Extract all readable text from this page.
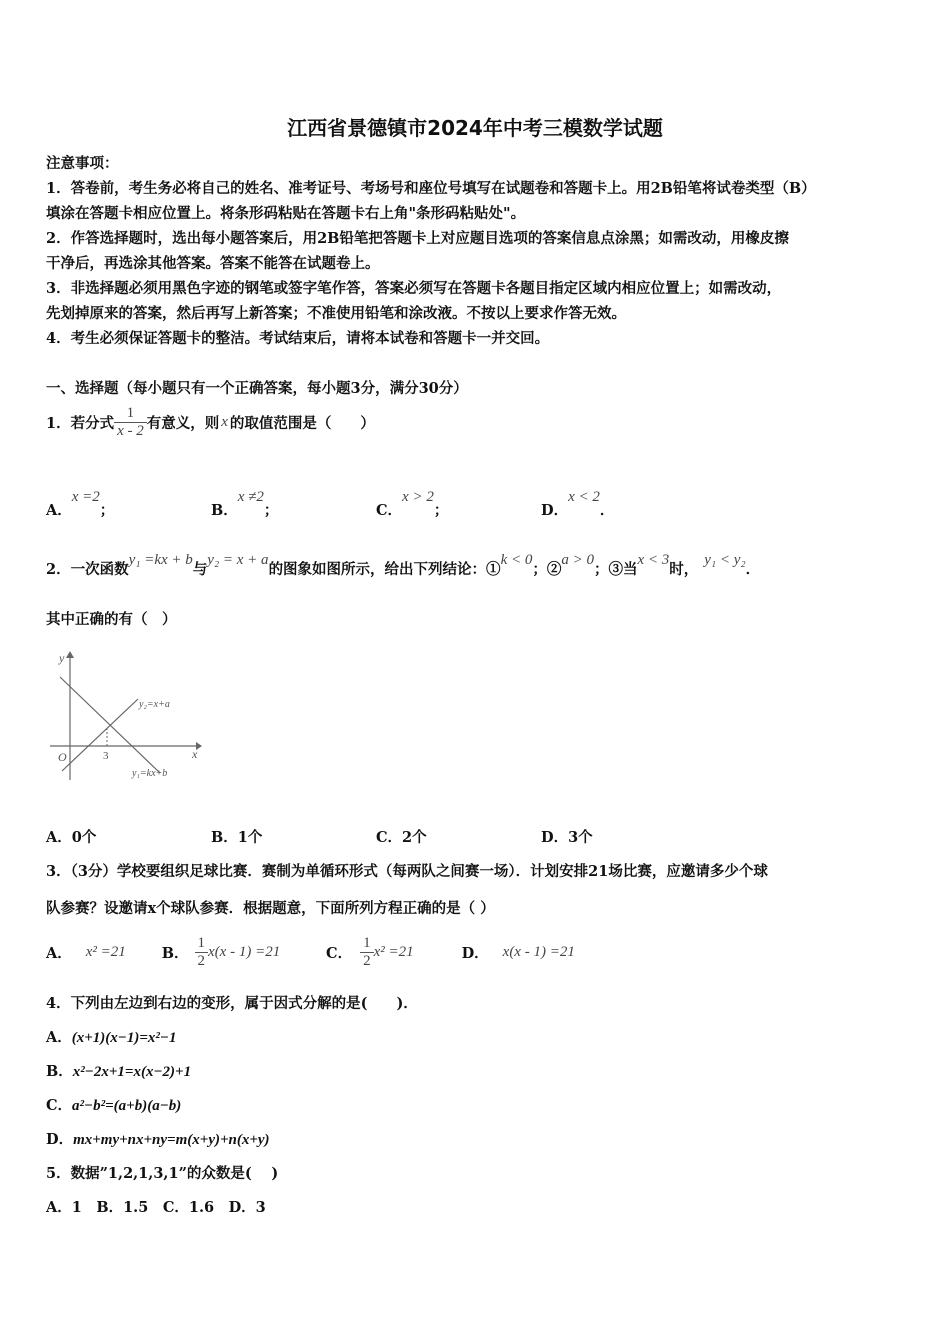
江西省景德镇市2024年中考三模数学试题
注意事项：
1．答卷前，考生务必将自己的姓名、准考证号、考场号和座位号填写在试题卷和答题卡上。用2B铅笔将试卷类型（B）
填涂在答题卡相应位置上。将条形码粘贴在答题卡右上角"条形码粘贴处"。
2．作答选择题时，选出每小题答案后，用2B铅笔把答题卡上对应题目选项的答案信息点涂黑；如需改动，用橡皮擦
干净后，再选涂其他答案。答案不能答在试题卷上。
3．非选择题必须用黑色字迹的钢笔或签字笔作答，答案必须写在答题卡各题目指定区域内相应位置上；如需改动，
先划掉原来的答案，然后再写上新答案；不准使用铅笔和涂改液。不按以上要求作答无效。
4．考生必须保证答题卡的整洁。考试结束后，请将本试卷和答题卡一并交回。
一、选择题（每小题只有一个正确答案，每小题3分，满分30分）
1．若分式 $\frac{1}{x - 2}$ 有意义，则 x 的取值范围是（　　）
A．x =2；	B．x ≠2；	C．x > 2；	D．x < 2．
2．一次函数y₁ =kx + b与y₂ = x + a的图象如图所示，给出下列结论：①k < 0；②a > 0；③当x < 3时，y₁ < y₂．
其中正确的有（　）
y
x
O	3
y₂=x+a
y₁=kx+b
A．0个	B．1个	C．2个	D．3个
3．（3分）学校要组织足球比赛．赛制为单循环形式（每两队之间赛一场）．计划安排21场比赛，应邀请多少个球
队参赛？设邀请x个球队参赛．根据题意，下面所列方程正确的是（ ）
A． x² =21	B． $\frac{1}{2} x(x - 1) =21$	C． $\frac{1}{2} x^2 =21$	D． x(x - 1) =21
4．下列由左边到右边的变形，属于因式分解的是(　　)．
A．(x+1)(x−1)=x²−1
B．x²−2x+1=x(x−2)+1
C．a²−b²=(a+b)(a−b)
D．mx+my+nx+ny=m(x+y)+n(x+y)
5．数据”1,2,1,3,1”的众数是(　 )
A．1　B．1.5　C．1.6　D．3
